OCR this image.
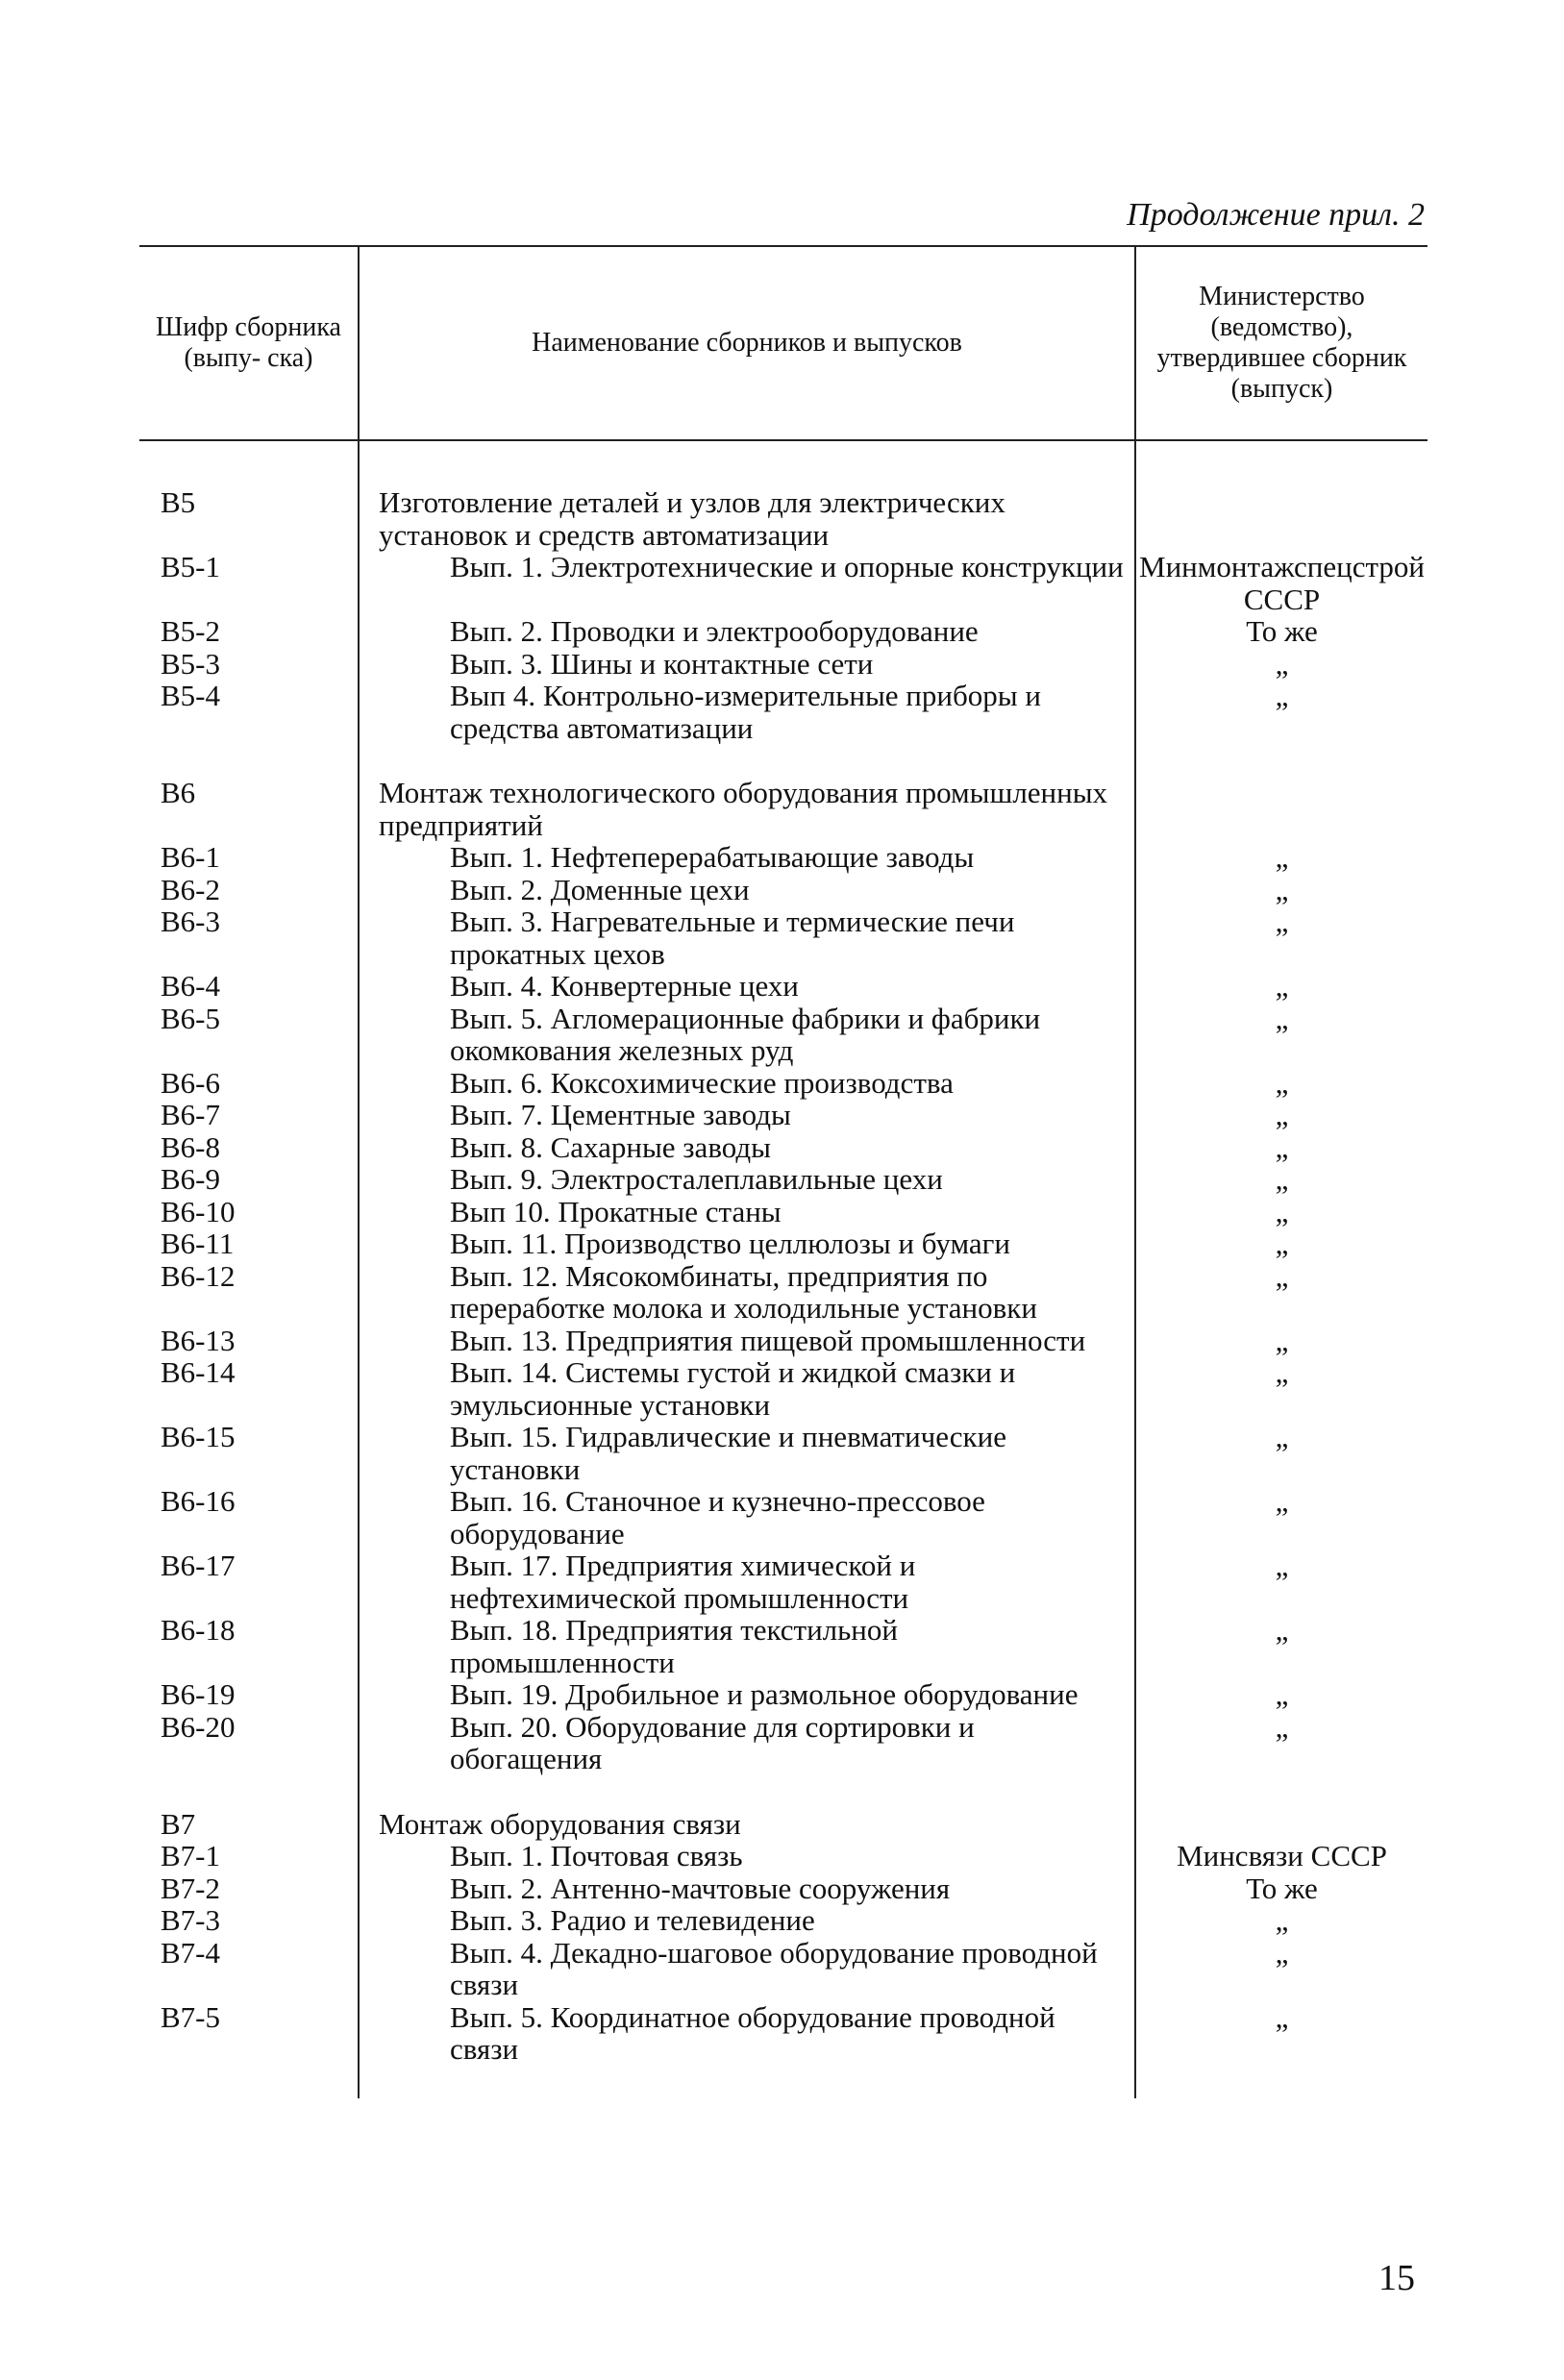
Продолжение прил. 2
Шифр сборника (выпу- ска)	Наименование сборников и выпусков	Министерство (ведомство), утвердившее сборник (выпуск)

B5	Изготовление деталей и узлов для электрических установок и средств автоматизации	
B5-1	Вып. 1. Электротехнические и опорные конструкции	Минмонтажспецстрой СССР
B5-2	Вып. 2. Проводки и электрооборудование	То же
B5-3	Вып. 3. Шины и контактные сети	„
B5-4	Вып 4. Контрольно-измерительные приборы и средства автоматизации	„

B6	Монтаж технологического оборудования промышленных предприятий	
B6-1	Вып. 1. Нефтеперерабатывающие заводы	„
B6-2	Вып. 2. Доменные цехи	„
B6-3	Вып. 3. Нагревательные и термические печи прокатных цехов	„
B6-4	Вып. 4. Конвертерные цехи	„
B6-5	Вып. 5. Агломерационные фабрики и фабрики окомкования железных руд	„
B6-6	Вып. 6. Коксохимические производства	„
B6-7	Вып. 7. Цементные заводы	„
B6-8	Вып. 8. Сахарные заводы	„
B6-9	Вып. 9. Электросталеплавильные цехи	„
B6-10	Вып 10. Прокатные станы	„
B6-11	Вып. 11. Производство целлюлозы и бумаги	„
B6-12	Вып. 12. Мясокомбинаты, предприятия по переработке молока и холодильные установки	„
B6-13	Вып. 13. Предприятия пищевой промышленности	„
B6-14	Вып. 14. Системы густой и жидкой смазки и эмульсионные установки	„
B6-15	Вып. 15. Гидравлические и пневматические установки	„
B6-16	Вып. 16. Станочное и кузнечно-прессовое оборудование	„
B6-17	Вып. 17. Предприятия химической и нефтехимической промышленности	„
B6-18	Вып. 18. Предприятия текстильной промышленности	„
B6-19	Вып. 19. Дробильное и размольное оборудование	„
B6-20	Вып. 20. Оборудование для сортировки и обогащения	„

B7	Монтаж оборудования связи	
B7-1	Вып. 1. Почтовая связь	Минсвязи СССР
B7-2	Вып. 2. Антенно-мачтовые сооружения	То же
B7-3	Вып. 3. Радио и телевидение	„
B7-4	Вып. 4. Декадно-шаговое оборудование проводной связи	„
B7-5	Вып. 5. Координатное оборудование проводной связи	„

15
